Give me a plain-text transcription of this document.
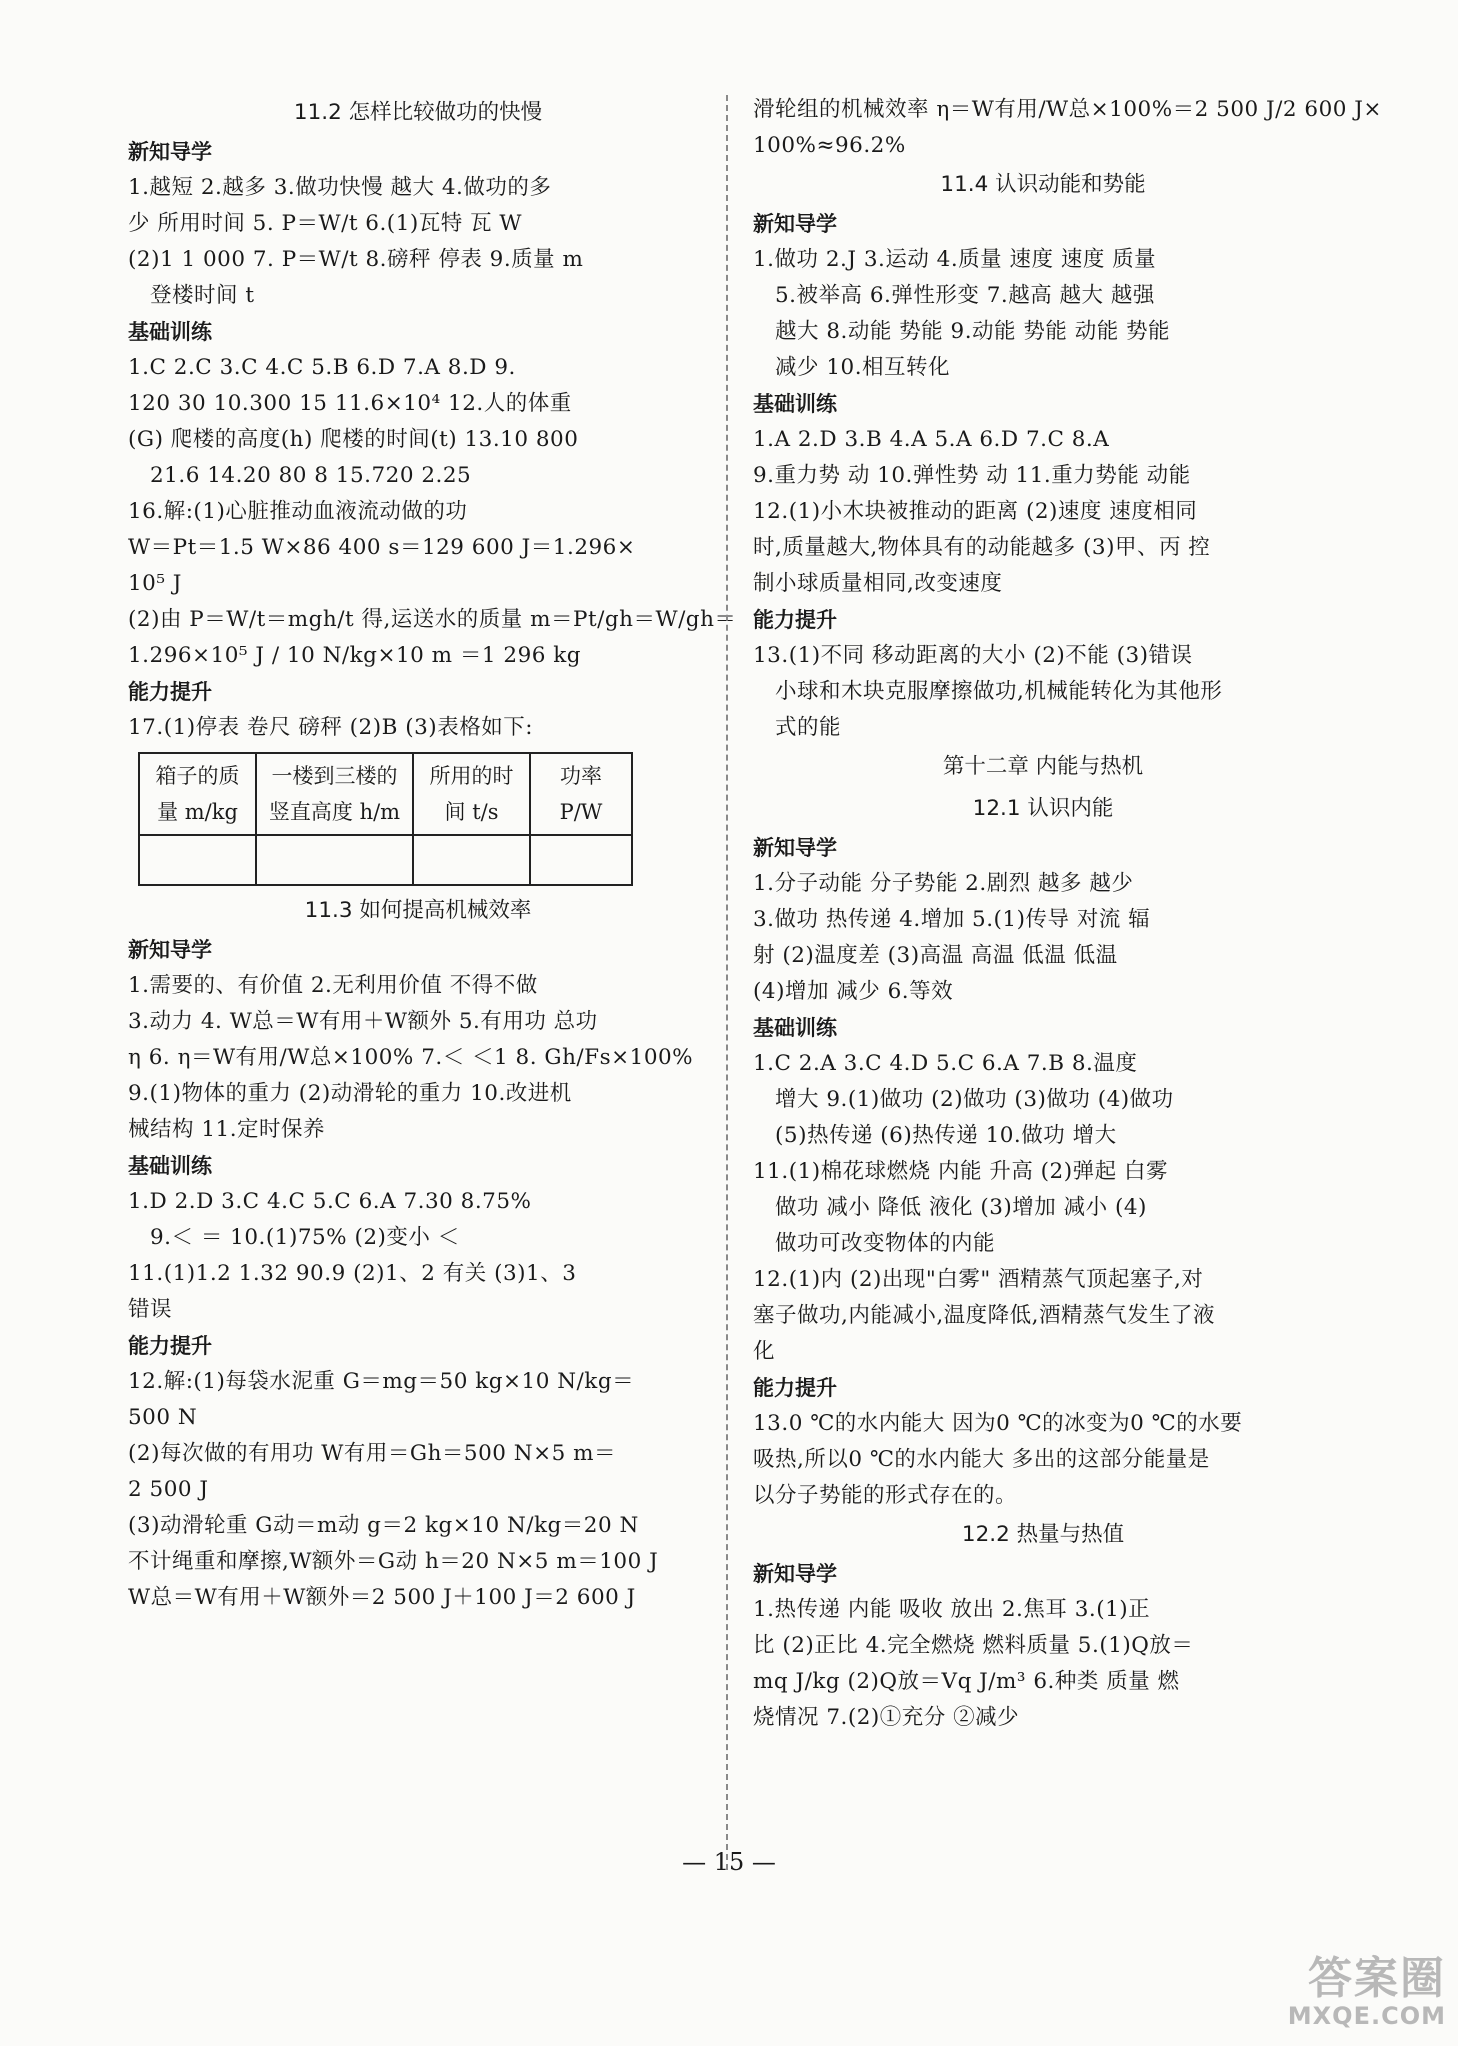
11.2 怎样比较做功的快慢
新知导学
1.越短 2.越多 3.做功快慢 越大 4.做功的多
少 所用时间 5. P＝W/t 6.(1)瓦特 瓦 W
(2)1 1 000 7. P＝W/t 8.磅秤 停表 9.质量 m
登楼时间 t
基础训练
1.C 2.C 3.C 4.C 5.B 6.D 7.A 8.D 9.
120 30 10.300 15 11.6×10⁴ 12.人的体重
(G) 爬楼的高度(h) 爬楼的时间(t) 13.10 800
21.6 14.20 80 8 15.720 2.25
16.解:(1)心脏推动血液流动做的功
W＝Pt＝1.5 W×86 400 s＝129 600 J＝1.296×
10⁵ J
(2)由 P＝W/t＝mgh/t 得,运送水的质量 m＝Pt/gh＝W/gh＝
1.296×10⁵ J / 10 N/kg×10 m ＝1 296 kg
能力提升
17.(1)停表 卷尺 磅秤 (2)B (3)表格如下:
箱子的质量 m/kg	一楼到三楼的竖直高度 h/m	所用的时间 t/s	功率 P/W

11.3 如何提高机械效率
新知导学
1.需要的、有价值 2.无利用价值 不得不做
3.动力 4. W总＝W有用＋W额外 5.有用功 总功
η 6. η＝W有用/W总×100% 7.＜ ＜1 8. Gh/Fs×100%
9.(1)物体的重力 (2)动滑轮的重力 10.改进机
械结构 11.定时保养
基础训练
1.D 2.D 3.C 4.C 5.C 6.A 7.30 8.75%
9.＜ ＝ 10.(1)75% (2)变小 ＜
11.(1)1.2 1.32 90.9 (2)1、2 有关 (3)1、3
错误
能力提升
12.解:(1)每袋水泥重 G＝mg＝50 kg×10 N/kg＝
500 N
(2)每次做的有用功 W有用＝Gh＝500 N×5 m＝
2 500 J
(3)动滑轮重 G动＝m动 g＝2 kg×10 N/kg＝20 N
不计绳重和摩擦,W额外＝G动 h＝20 N×5 m＝100 J
W总＝W有用＋W额外＝2 500 J＋100 J＝2 600 J
滑轮组的机械效率 η＝W有用/W总×100%＝2 500 J/2 600 J×
100%≈96.2%
11.4 认识动能和势能
新知导学
1.做功 2.J 3.运动 4.质量 速度 速度 质量
5.被举高 6.弹性形变 7.越高 越大 越强
越大 8.动能 势能 9.动能 势能 动能 势能
减少 10.相互转化
基础训练
1.A 2.D 3.B 4.A 5.A 6.D 7.C 8.A
9.重力势 动 10.弹性势 动 11.重力势能 动能
12.(1)小木块被推动的距离 (2)速度 速度相同
时,质量越大,物体具有的动能越多 (3)甲、丙 控
制小球质量相同,改变速度
能力提升
13.(1)不同 移动距离的大小 (2)不能 (3)错误
小球和木块克服摩擦做功,机械能转化为其他形
式的能
第十二章 内能与热机
12.1 认识内能
新知导学
1.分子动能 分子势能 2.剧烈 越多 越少
3.做功 热传递 4.增加 5.(1)传导 对流 辐
射 (2)温度差 (3)高温 高温 低温 低温
(4)增加 减少 6.等效
基础训练
1.C 2.A 3.C 4.D 5.C 6.A 7.B 8.温度
增大 9.(1)做功 (2)做功 (3)做功 (4)做功
(5)热传递 (6)热传递 10.做功 增大
11.(1)棉花球燃烧 内能 升高 (2)弹起 白雾
做功 减小 降低 液化 (3)增加 减小 (4)
做功可改变物体的内能
12.(1)内 (2)出现"白雾" 酒精蒸气顶起塞子,对
塞子做功,内能减小,温度降低,酒精蒸气发生了液
化
能力提升
13.0 ℃的水内能大 因为0 ℃的冰变为0 ℃的水要
吸热,所以0 ℃的水内能大 多出的这部分能量是
以分子势能的形式存在的。
12.2 热量与热值
新知导学
1.热传递 内能 吸收 放出 2.焦耳 3.(1)正
比 (2)正比 4.完全燃烧 燃料质量 5.(1)Q放＝
mq J/kg (2)Q放＝Vq J/m³ 6.种类 质量 燃
烧情况 7.(2)①充分 ②减少
— 15 —
答案圈
MXQE.COM
